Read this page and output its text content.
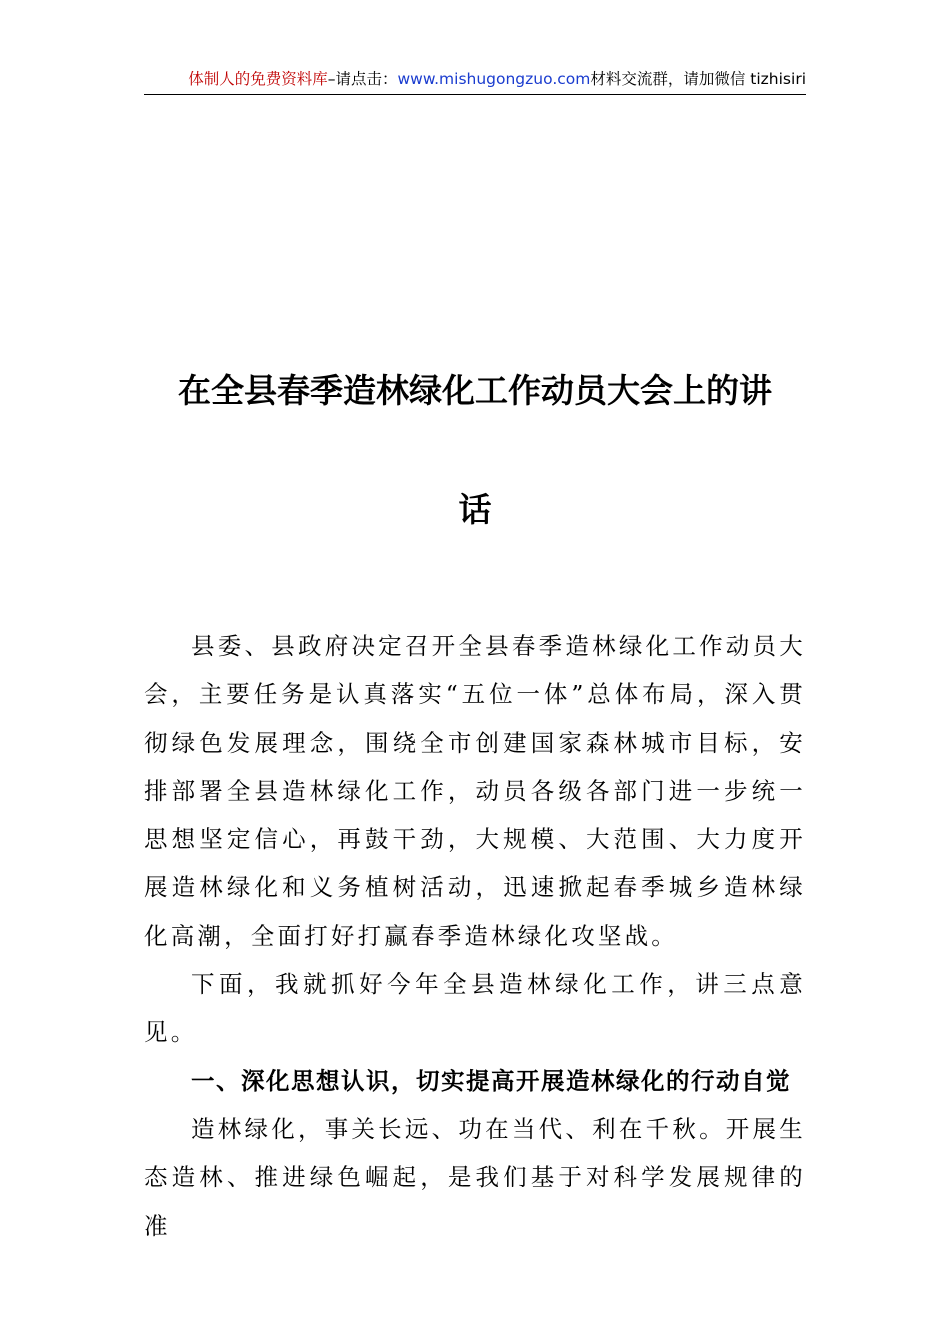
体制人的免费资料库–请点击：www.mishugongzuo.com材料交流群，请加微信 tizhisiri
在全县春季造林绿化工作动员大会上的讲
话

县委、县政府决定召开全县春季造林绿化工作动员大会，主要任务是认真落实“五位一体”总体布局，深入贯彻绿色发展理念，围绕全市创建国家森林城市目标，安排部署全县造林绿化工作，动员各级各部门进一步统一思想坚定信心，再鼓干劲，大规模、大范围、大力度开展造林绿化和义务植树活动，迅速掀起春季城乡造林绿化高潮，全面打好打赢春季造林绿化攻坚战。

下面，我就抓好今年全县造林绿化工作，讲三点意见。

一、深化思想认识，切实提高开展造林绿化的行动自觉

造林绿化，事关长远、功在当代、利在千秋。开展生态造林、推进绿色崛起，是我们基于对科学发展规律的准
